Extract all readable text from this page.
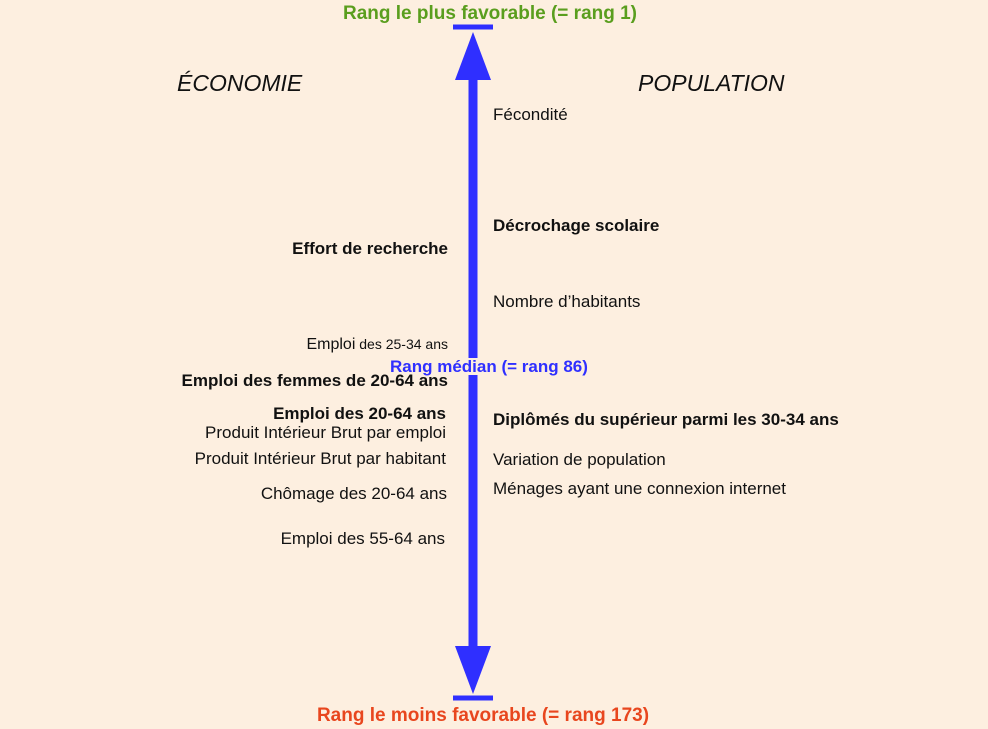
Rang le plus favorable (= rang 1)
Rang le moins favorable (= rang 173)
Rang médian (= rang 86)
ÉCONOMIE	POPULATION
Effort de recherche
Emploi des 25-34 ans
Emploi des femmes de 20-64 ans
Emploi des 20-64 ans
Produit Intérieur Brut par emploi
Produit Intérieur Brut par habitant
Chômage des 20-64 ans
Emploi des 55-64 ans
Fécondité
Décrochage scolaire
Nombre d’habitants
Diplômés du supérieur parmi les 30-34 ans
Variation de population
Ménages ayant une connexion internet
